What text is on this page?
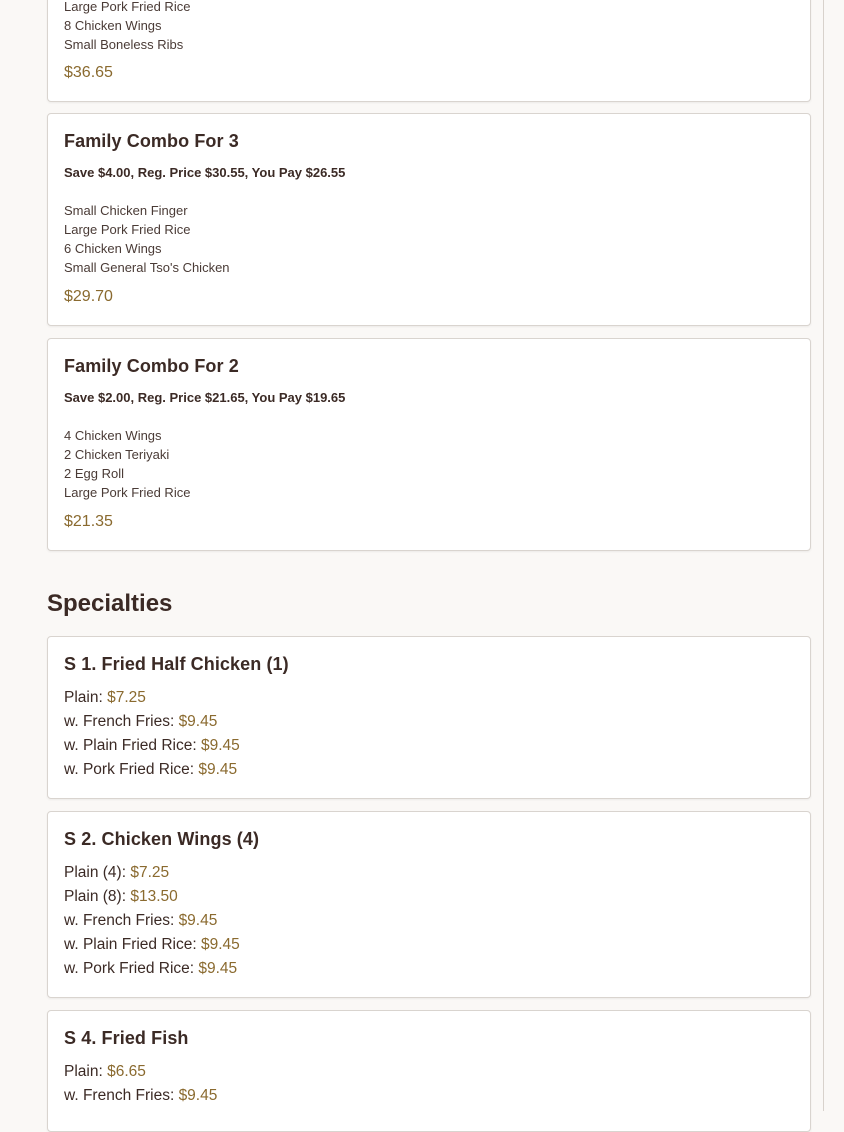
Large Pork Fried Rice
8 Chicken Wings
Small Boneless Ribs
$36.65
Family Combo For 3
Save $4.00, Reg. Price $30.55, You Pay $26.55
Small Chicken Finger
Large Pork Fried Rice
6 Chicken Wings
Small General Tso's Chicken
$29.70
Family Combo For 2
Save $2.00, Reg. Price $21.65, You Pay $19.65
4 Chicken Wings
2 Chicken Teriyaki
2 Egg Roll
Large Pork Fried Rice
$21.35
Specialties
S 1. Fried Half Chicken (1)
Plain: $7.25
w. French Fries: $9.45
w. Plain Fried Rice: $9.45
w. Pork Fried Rice: $9.45
S 2. Chicken Wings (4)
Plain (4): $7.25
Plain (8): $13.50
w. French Fries: $9.45
w. Plain Fried Rice: $9.45
w. Pork Fried Rice: $9.45
S 4. Fried Fish
Plain: $6.65
w. French Fries: $9.45
